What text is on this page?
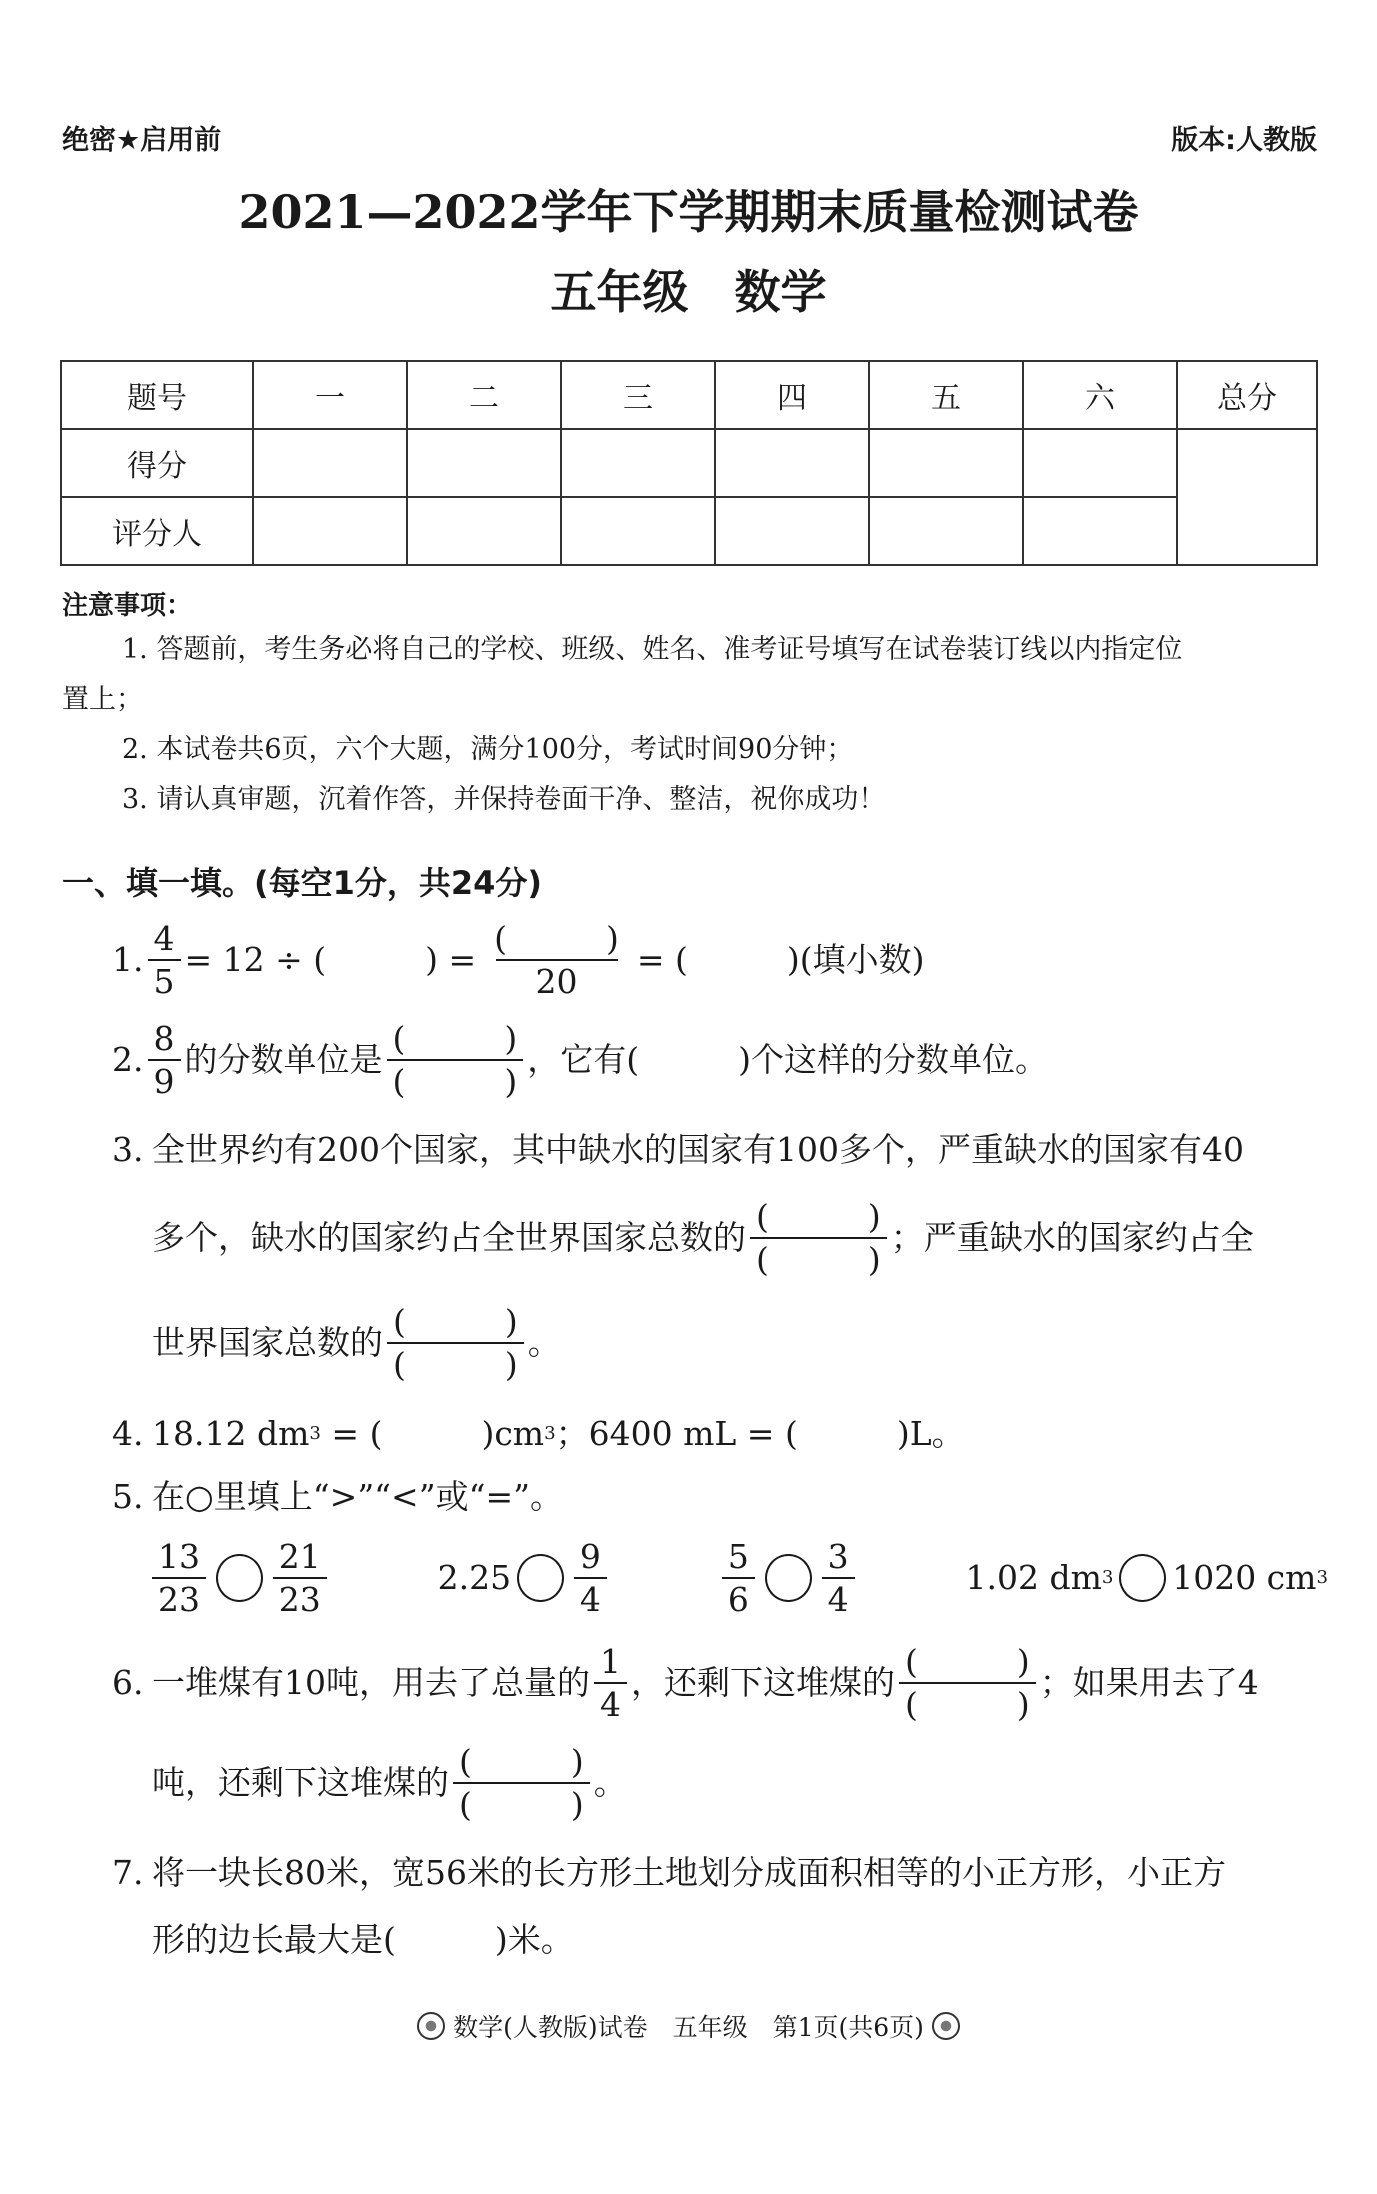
绝密★启用前	版本:人教版
2021—2022学年下学期期末质量检测试卷
五年级　数学
题号	一	二	三	四	五	六	总分
得分							
评分人							
注意事项：
1. 答题前，考生务必将自己的学校、班级、姓名、准考证号填写在试卷装订线以内指定位
置上；
2. 本试卷共6页，六个大题，满分100分，考试时间90分钟；
3. 请认真审题，沉着作答，并保持卷面干净、整洁，祝你成功！
一、填一填。(每空1分，共24分)
1. $\frac{4}{5} = 12$ ÷ (　　　) = $\frac{( )}{20}$ = (　　　)(填小数)
2. $\frac{8}{9}$ 的分数单位是 $\frac{( )}{( )}$ ，它有(　　　)个这样的分数单位。
3. 全世界约有200个国家，其中缺水的国家有100多个，严重缺水的国家有40
多个，缺水的国家约占全世界国家总数的 $\frac{( )}{( )}$ ；严重缺水的国家约占全
世界国家总数的 $\frac{( )}{( )}$ 。
4. 18.12 dm 3 = (　　　)cm 3 ；6400 mL = (　　　)L。
5. 在○里填上“>”“<”或“=”。
$\frac{13}{23} \frac{21}{23}$	$2.25 \frac{9}{4}$	$\frac{5}{6} \frac{3}{4}$	1.02 dm 3 1020 cm 3
6. 一堆煤有10吨，用去了总量的 $\frac{1}{4}$ ，还剩下这堆煤的 $\frac{( )}{( )}$ ；如果用去了4
吨，还剩下这堆煤的 $\frac{( )}{( )}$ 。
7. 将一块长80米，宽56米的长方形土地划分成面积相等的小正方形，小正方
形的边长最大是(　　　)米。
数学(人教版)试卷　五年级　第1页(共6页)
